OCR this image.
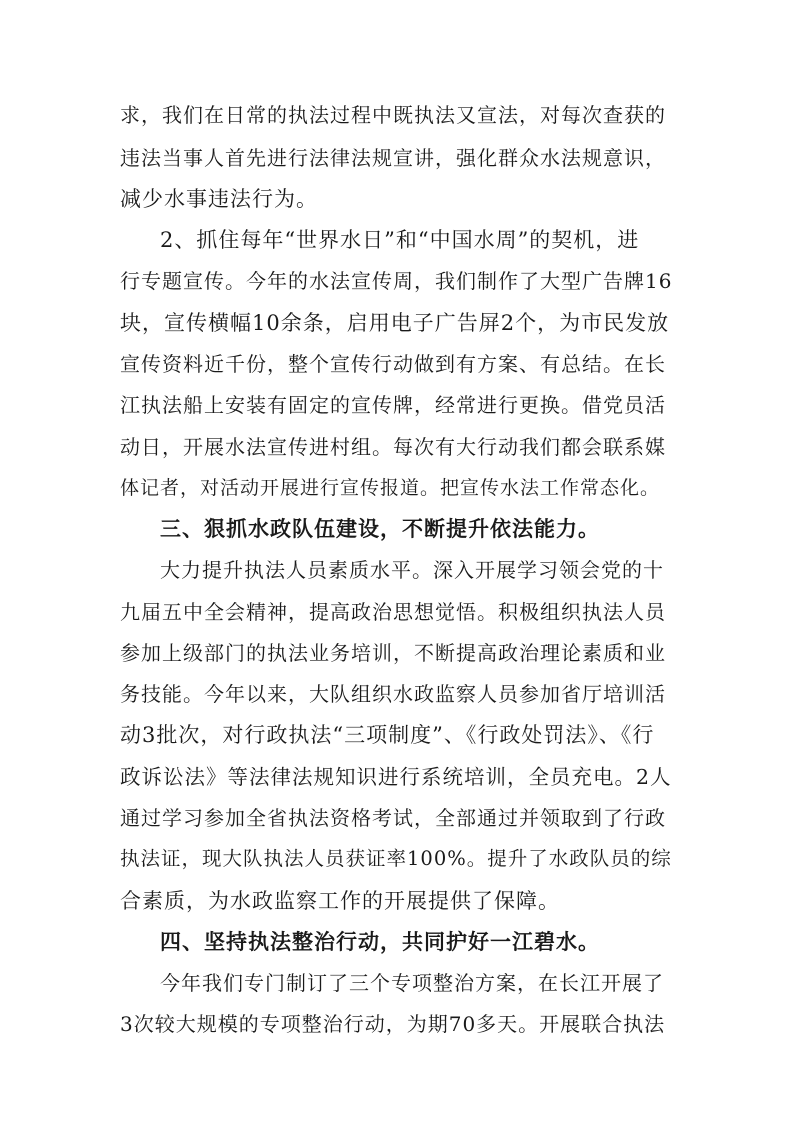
求，我们在日常的执法过程中既执法又宣法，对每次查获的
违法当事人首先进行法律法规宣讲，强化群众水法规意识，
减少水事违法行为。
2、抓住每年“世界水日”和“中国水周”的契机，进
行专题宣传。今年的水法宣传周，我们制作了大型广告牌16
块，宣传横幅10余条，启用电子广告屏2个，为市民发放
宣传资料近千份，整个宣传行动做到有方案、有总结。在长
江执法船上安装有固定的宣传牌，经常进行更换。借党员活
动日，开展水法宣传进村组。每次有大行动我们都会联系媒
体记者，对活动开展进行宣传报道。把宣传水法工作常态化。
三、狠抓水政队伍建设，不断提升依法能力。
大力提升执法人员素质水平。深入开展学习领会党的十
九届五中全会精神，提高政治思想觉悟。积极组织执法人员
参加上级部门的执法业务培训，不断提高政治理论素质和业
务技能。今年以来，大队组织水政监察人员参加省厅培训活
动3批次，对行政执法“三项制度”、《行政处罚法》、《行
政诉讼法》等法律法规知识进行系统培训，全员充电。2人
通过学习参加全省执法资格考试，全部通过并领取到了行政
执法证，现大队执法人员获证率100%。提升了水政队员的综
合素质，为水政监察工作的开展提供了保障。
四、坚持执法整治行动，共同护好一江碧水。
今年我们专门制订了三个专项整治方案，在长江开展了
3次较大规模的专项整治行动，为期70多天。开展联合执法
